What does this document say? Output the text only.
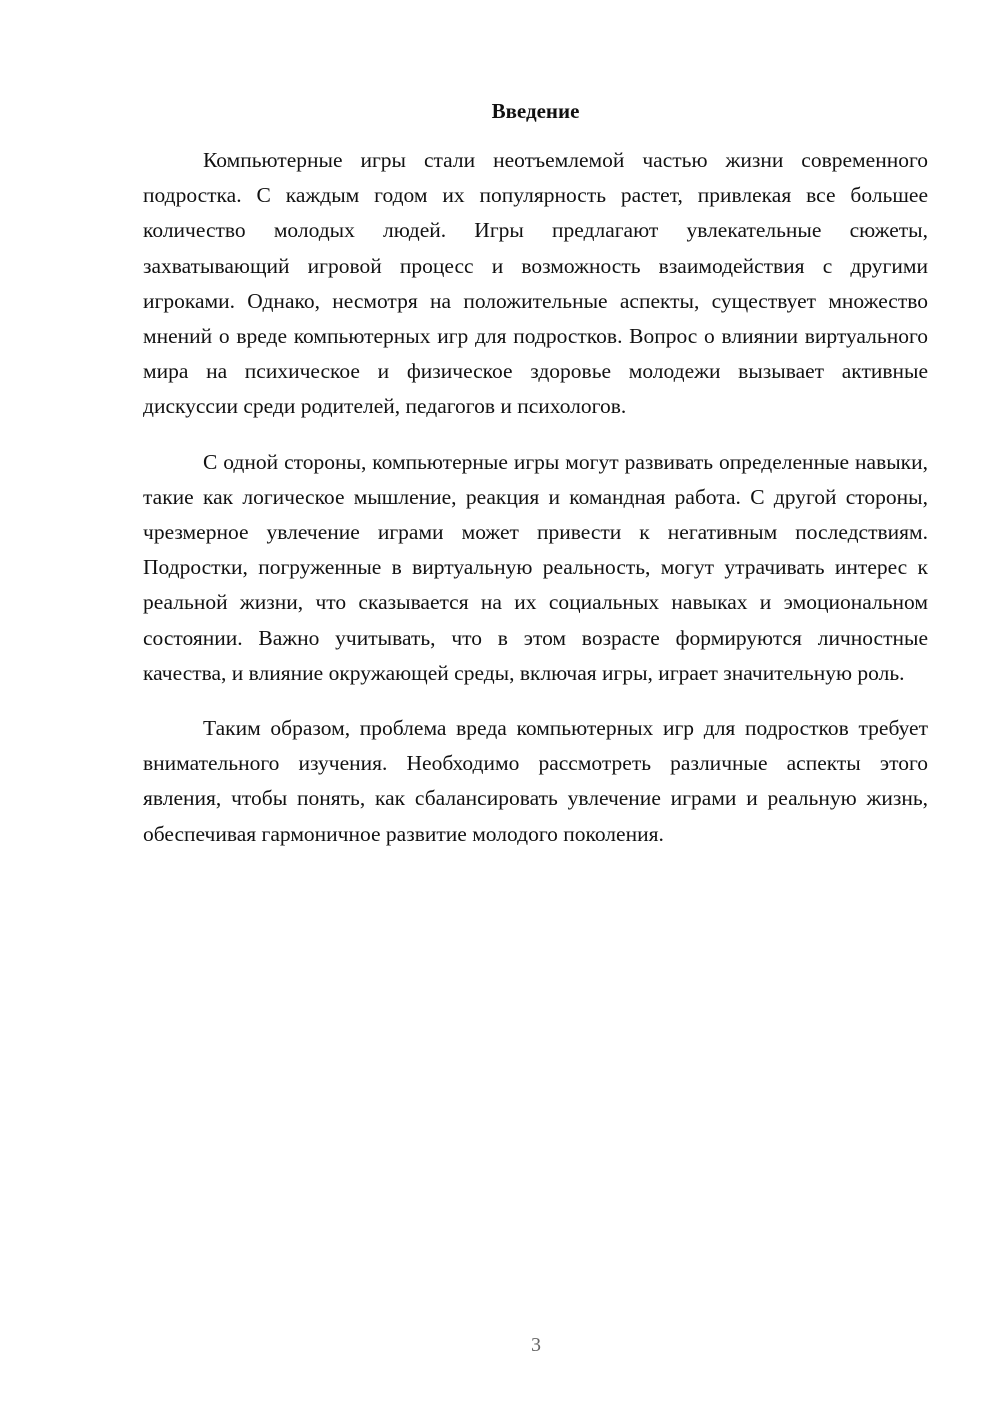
Введение

Компьютерные игры стали неотъемлемой частью жизни современного подростка. С каждым годом их популярность растет, привлекая все большее количество молодых людей. Игры предлагают увлекательные сюжеты, захватывающий игровой процесс и возможность взаимодействия с другими игроками. Однако, несмотря на положительные аспекты, существует множество мнений о вреде компьютерных игр для подростков. Вопрос о влиянии виртуального мира на психическое и физическое здоровье молодежи вызывает активные дискуссии среди родителей, педагогов и психологов.

С одной стороны, компьютерные игры могут развивать определенные навыки, такие как логическое мышление, реакция и командная работа. С другой стороны, чрезмерное увлечение играми может привести к негативным последствиям. Подростки, погруженные в виртуальную реальность, могут утрачивать интерес к реальной жизни, что сказывается на их социальных навыках и эмоциональном состоянии. Важно учитывать, что в этом возрасте формируются личностные качества, и влияние окружающей среды, включая игры, играет значительную роль.

Таким образом, проблема вреда компьютерных игр для подростков требует внимательного изучения. Необходимо рассмотреть различные аспекты этого явления, чтобы понять, как сбалансировать увлечение играми и реальную жизнь, обеспечивая гармоничное развитие молодого поколения.

3
